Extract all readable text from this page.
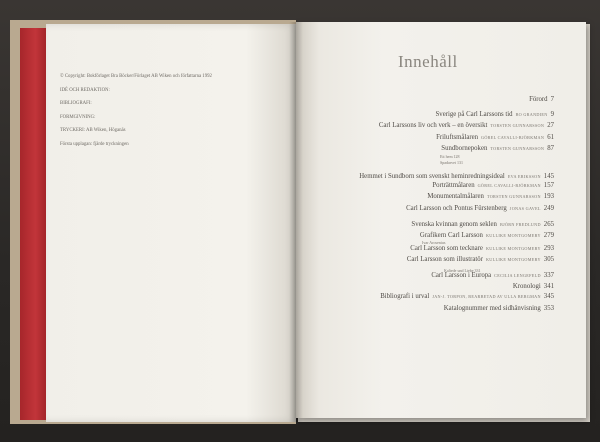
© Copyright: Bokförlaget Bra Böcker/Förlaget AB Wiken och författarna 1992

IDÉ OCH REDAKTION:

BIBLIOGRAFI:

FORMGIVNING:

TRYCKERI: AB Wiken, Höganäs

Första upplagan: fjärde tryckningen

Innehåll
Förord 7
Sverige på Carl Larssons tid BO GRANDIEN 9
Carl Larssons liv och verk – en översikt TORSTEN GUNNARSSON 27
Friluftsmålaren GÖREL CAVALLI-BJÖRKMAN 61
Sundbornepoken TORSTEN GUNNARSSON 87
Hemmet i Sundborn som svenskt heminredningsideal EVA ERIKSSON 145
Porträttmålaren GÖREL CAVALLI-BJÖRKMAN 157
Monumentalmålaren TORSTEN GUNNARSSON 193
Carl Larsson och Pontus Fürstenberg JONAS GAVEL 249
Svenska kvinnan genom seklen BJÖRN FREDLUND 265
Grafikern Carl Larsson KULLIKE MONTGOMERY 279
Carl Larsson som tecknare KULLIKE MONTGOMERY 293
Carl Larsson som illustratör KULLIKE MONTGOMERY 305
Carl Larsson i Europa CECILIA LENGEFELD 337
Kronologi 341
Bibliografi i urval JAN-J. TORPON, BEARBETAD AV ULLA BERGMAN 345
Katalognummer med sidhänvisning 353
Ett hem 128
Spadarvet 131
Ivar Arosenius
Kaltede und Liebe 331
